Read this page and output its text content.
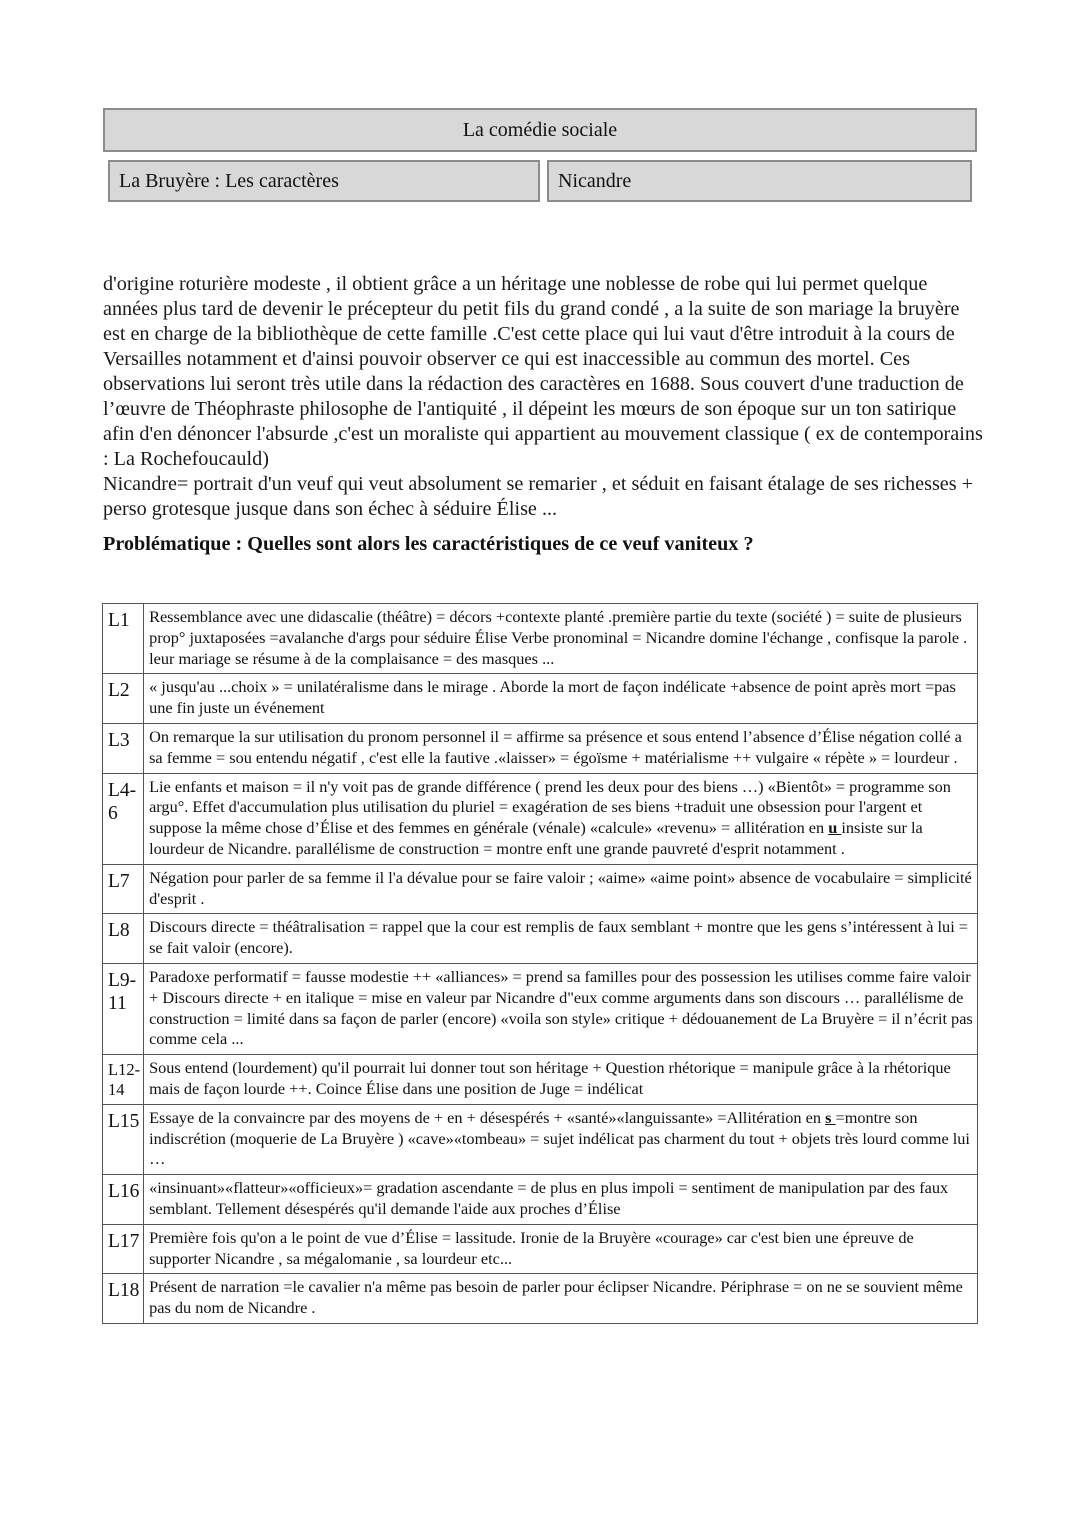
La comédie sociale
La Bruyère : Les caractères	Nicandre

d'origine roturière modeste , il obtient grâce a un héritage une noblesse de robe qui lui permet quelque années plus tard de devenir le précepteur du petit fils du grand condé , a la suite de son mariage la bruyère est en charge de la bibliothèque de cette famille .C'est cette place qui lui vaut d'être introduit à la cours de Versailles notamment et d'ainsi pouvoir observer ce qui est inaccessible au commun des mortel. Ces observations lui seront très utile dans la rédaction des caractères en 1688. Sous couvert d'une traduction de l’œuvre de Théophraste philosophe de l'antiquité , il dépeint les mœurs de son époque sur un ton satirique afin d'en dénoncer l'absurde ,c'est un moraliste qui appartient au mouvement classique ( ex de contemporains : La Rochefoucauld)

Nicandre= portrait d'un veuf qui veut absolument se remarier , et séduit en faisant étalage de ses richesses + perso grotesque jusque dans son échec à séduire Élise ...

Problématique : Quelles sont alors les caractéristiques de ce veuf vaniteux ?

L1	Ressemblance avec une didascalie (théâtre) = décors +contexte planté .première partie du texte (société ) = suite de plusieurs prop° juxtaposées =avalanche d'args pour séduire Élise Verbe pronominal = Nicandre domine l'échange , confisque la parole . leur mariage se résume à de la complaisance = des masques ...
L2	« jusqu'au ...choix » = unilatéralisme dans le mirage . Aborde la mort de façon indélicate +absence de point après mort =pas une fin juste un événement
L3	On remarque la sur utilisation du pronom personnel il = affirme sa présence et sous entend l’absence d’Élise négation collé a sa femme = sou entendu négatif , c'est elle la fautive .«laisser» = égoïsme + matérialisme ++ vulgaire « répète » = lourdeur .
L4-6	Lie enfants et maison = il n'y voit pas de grande différence ( prend les deux pour des biens …) «Bientôt» = programme son argu°. Effet d'accumulation plus utilisation du pluriel = exagération de ses biens +traduit une obsession pour l'argent et suppose la même chose d’Élise et des femmes en générale (vénale) «calcule» «revenu» = allitération en u insiste sur la lourdeur de Nicandre. parallélisme de construction = montre enft une grande pauvreté d'esprit notamment .
L7	Négation pour parler de sa femme il l'a dévalue pour se faire valoir ; «aime» «aime point» absence de vocabulaire = simplicité d'esprit .
L8	Discours directe = théâtralisation = rappel que la cour est remplis de faux semblant + montre que les gens s’intéressent à lui = se fait valoir (encore).
L9-11	Paradoxe performatif = fausse modestie ++ «alliances» = prend sa familles pour des possession les utilises comme faire valoir + Discours directe + en italique = mise en valeur par Nicandre d"eux comme arguments dans son discours … parallélisme de construction = limité dans sa façon de parler (encore) «voila son style» critique + dédouanement de La Bruyère = il n’écrit pas comme cela ...
L12-14	Sous entend (lourdement) qu'il pourrait lui donner tout son héritage + Question rhétorique = manipule grâce à la rhétorique mais de façon lourde ++. Coince Élise dans une position de Juge = indélicat
L15	Essaye de la convaincre par des moyens de + en + désespérés + «santé»«languissante» =Allitération en s =montre son indiscrétion (moquerie de La Bruyère ) «cave»«tombeau» = sujet indélicat pas charment du tout + objets très lourd comme lui …
L16	«insinuant»«flatteur»«officieux»= gradation ascendante = de plus en plus impoli = sentiment de manipulation par des faux semblant. Tellement désespérés qu'il demande l'aide aux proches d’Élise
L17	Première fois qu'on a le point de vue d’Élise = lassitude. Ironie de la Bruyère «courage» car c'est bien une épreuve de supporter Nicandre , sa mégalomanie , sa lourdeur etc...
L18	Présent de narration =le cavalier n'a même pas besoin de parler pour éclipser Nicandre. Périphrase = on ne se souvient même pas du nom de Nicandre .
